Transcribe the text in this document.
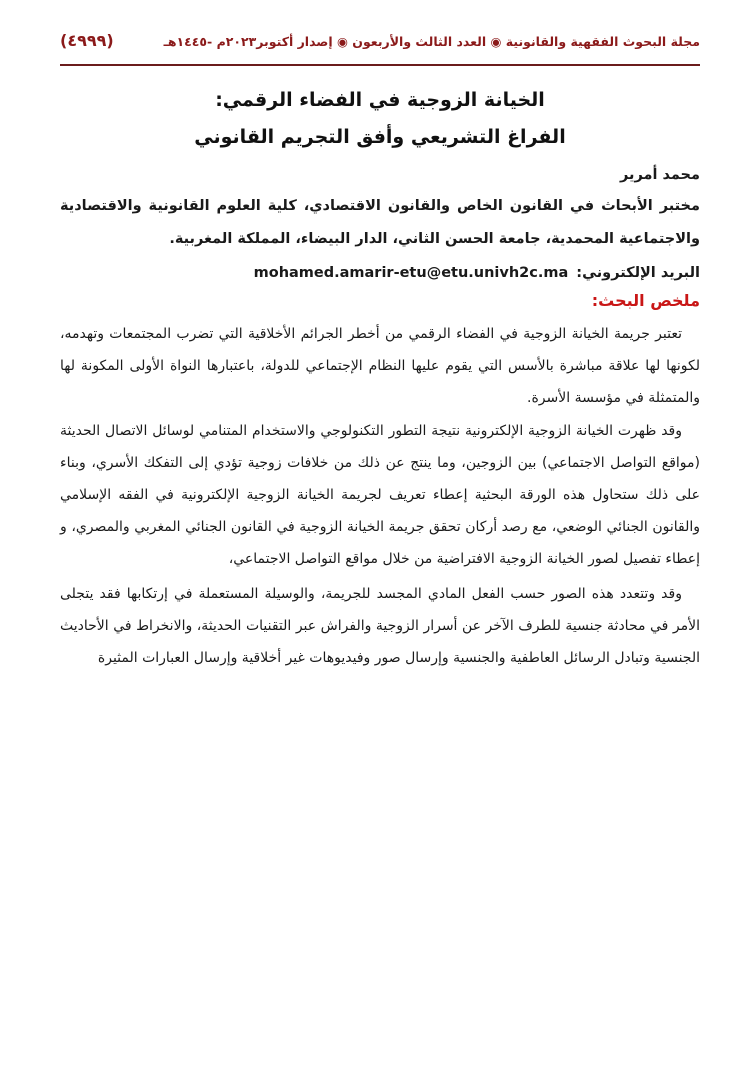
مجلة البحوث الفقهية والقانونية ◉ العدد الثالث والأربعون ◉ إصدار أكتوبر٢٠٢٣م -١٤٤٥هـ
(٤٩٩٩)
الخيانة الزوجية في الفضاء الرقمي:
الفراغ التشريعي وأفق التجريم القانوني
محمد أمرير
مختبر الأبحاث في القانون الخاص والقانون الاقتصادي، كلية العلوم القانونية والاقتصادية والاجتماعية المحمدية، جامعة الحسن الثاني، الدار البيضاء، المملكة المغربية.
البريد الإلكتروني:mohamed.amarir-etu@etu.univh2c.ma
ملخص البحث:

تعتبر جريمة الخيانة الزوجية في الفضاء الرقمي من أخطر الجرائم الأخلاقية التي تضرب المجتمعات وتهدمه، لكونها لها علاقة مباشرة بالأسس التي يقوم عليها النظام الإجتماعي للدولة، باعتبارها النواة الأولى المكونة لها والمتمثلة في مؤسسة الأسرة.

وقد ظهرت الخيانة الزوجية الإلكترونية نتيجة التطور التكنولوجي والاستخدام المتنامي لوسائل الاتصال الحديثة (مواقع التواصل الاجتماعي) بين الزوجين، وما ينتج عن ذلك من خلافات زوجية تؤدي إلى التفكك الأسري، وبناء على ذلك ستحاول هذه الورقة البحثية إعطاء تعريف لجريمة الخيانة الزوجية الإلكترونية في الفقه الإسلامي والقانون الجنائي الوضعي، مع رصد أركان تحقق جريمة الخيانة الزوجية في القانون الجنائي المغربي والمصري، و إعطاء تفصيل لصور الخيانة الزوجية الافتراضية من خلال مواقع التواصل الاجتماعي،

وقد وتتعدد هذه الصور حسب الفعل المادي المجسد للجريمة، والوسيلة المستعملة في إرتكابها فقد يتجلى الأمر في محادثة جنسية للطرف الآخر عن أسرار الزوجية والفراش عبر التقنيات الحديثة، والانخراط في الأحاديث الجنسية وتبادل الرسائل العاطفية والجنسية وإرسال صور وفيديوهات غير أخلاقية وإرسال العبارات المثيرة
